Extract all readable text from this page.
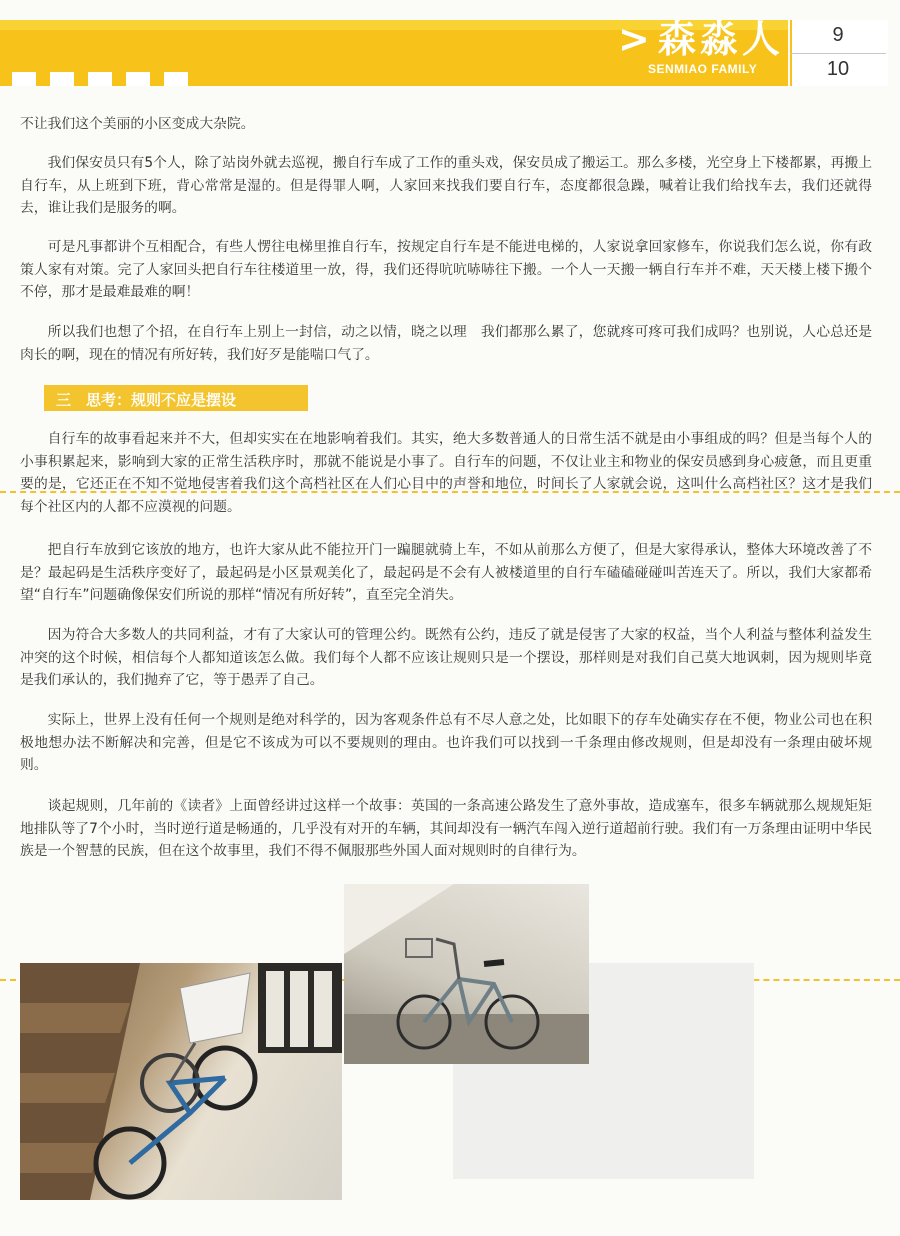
> 森淼人
SENMIAO FAMILY
9
10

不让我们这个美丽的小区变成大杂院。

我们保安员只有5个人，除了站岗外就去巡视，搬自行车成了工作的重头戏，保安员成了搬运工。那么多楼，光空身上下楼都累，再搬上自行车，从上班到下班，背心常常是湿的。但是得罪人啊，人家回来找我们要自行车，态度都很急躁，喊着让我们给找车去，我们还就得去，谁让我们是服务的啊。

可是凡事都讲个互相配合，有些人愣往电梯里推自行车，按规定自行车是不能进电梯的，人家说拿回家修车，你说我们怎么说，你有政策人家有对策。完了人家回头把自行车往楼道里一放，得，我们还得吭吭哧哧往下搬。一个人一天搬一辆自行车并不难，天天楼上楼下搬个不停，那才是最难最难的啊！

所以我们也想了个招，在自行车上别上一封信，动之以情，晓之以理　我们都那么累了，您就疼可疼可我们成吗？也别说，人心总还是肉长的啊，现在的情况有所好转，我们好歹是能喘口气了。

三　思考：规则不应是摆设

自行车的故事看起来并不大，但却实实在在地影响着我们。其实，绝大多数普通人的日常生活不就是由小事组成的吗？但是当每个人的小事积累起来，影响到大家的正常生活秩序时，那就不能说是小事了。自行车的问题，不仅让业主和物业的保安员感到身心疲惫，而且更重要的是，它还正在不知不觉地侵害着我们这个高档社区在人们心目中的声誉和地位，时间长了人家就会说，这叫什么高档社区？这才是我们每个社区内的人都不应漠视的问题。

把自行车放到它该放的地方，也许大家从此不能拉开门一蹁腿就骑上车，不如从前那么方便了，但是大家得承认，整体大环境改善了不是？最起码是生活秩序变好了，最起码是小区景观美化了，最起码是不会有人被楼道里的自行车磕磕碰碰叫苦连天了。所以，我们大家都希望“自行车”问题确像保安们所说的那样“情况有所好转”，直至完全消失。

因为符合大多数人的共同利益，才有了大家认可的管理公约。既然有公约，违反了就是侵害了大家的权益，当个人利益与整体利益发生冲突的这个时候，相信每个人都知道该怎么做。我们每个人都不应该让规则只是一个摆设，那样则是对我们自己莫大地讽刺，因为规则毕竟是我们承认的，我们抛弃了它，等于愚弄了自己。

实际上，世界上没有任何一个规则是绝对科学的，因为客观条件总有不尽人意之处，比如眼下的存车处确实存在不便，物业公司也在积极地想办法不断解决和完善，但是它不该成为可以不要规则的理由。也许我们可以找到一千条理由修改规则，但是却没有一条理由破坏规则。

谈起规则，几年前的《读者》上面曾经讲过这样一个故事：英国的一条高速公路发生了意外事故，造成塞车，很多车辆就那么规规矩矩地排队等了7个小时，当时逆行道是畅通的，几乎没有对开的车辆，其间却没有一辆汽车闯入逆行道超前行驶。我们有一万条理由证明中华民族是一个智慧的民族，但在这个故事里，我们不得不佩服那些外国人面对规则时的自律行为。
